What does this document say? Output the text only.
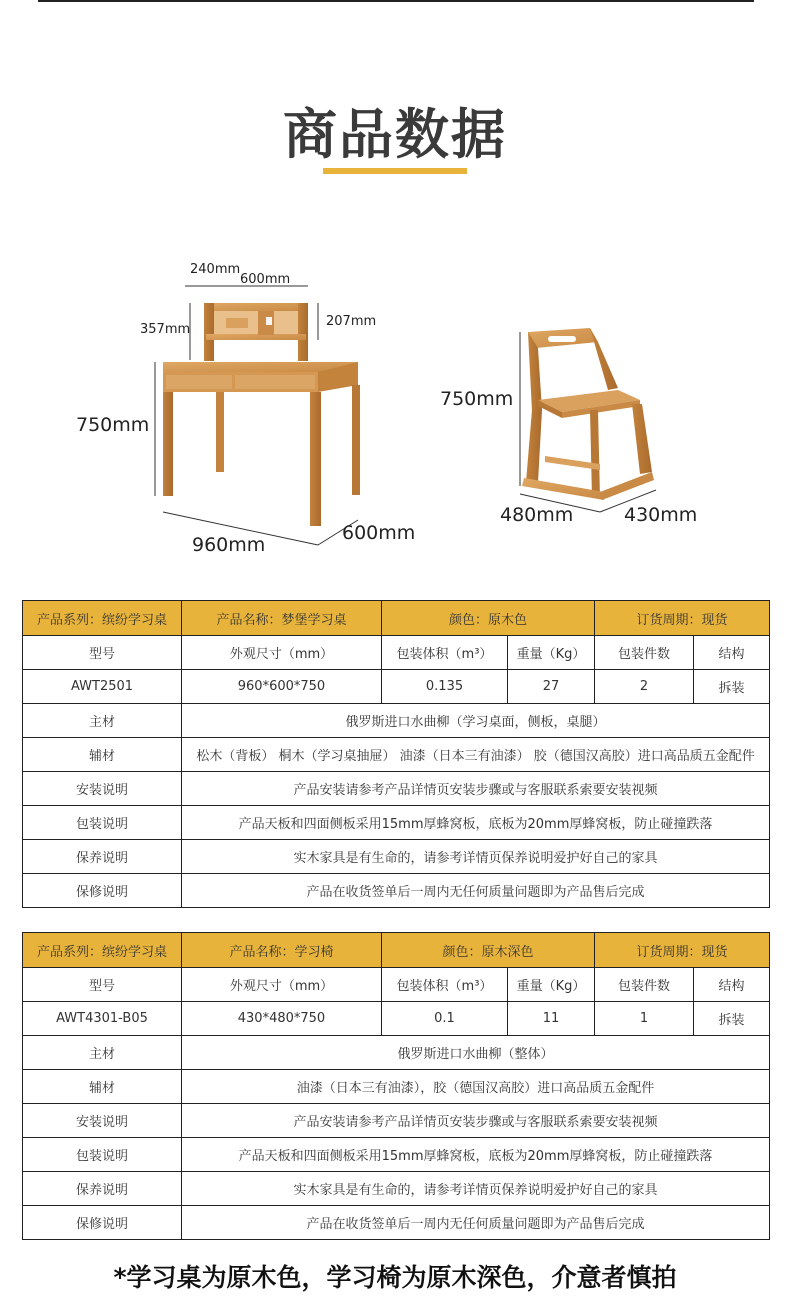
商品数据
240mm
600mm
357mm
207mm
750mm
960mm
600mm
750mm
480mm	430mm
产品系列：缤纷学习桌	产品名称：梦堡学习桌	颜色：原木色		订货周期：现货	
型号	外观尺寸（mm）	包装体积（m³）	重量（Kg）	包装件数	结构
AWT2501	960*600*750	0.135	27	2	拆装
主材	俄罗斯进口水曲柳（学习桌面，侧板，桌腿）				
辅材	松木（背板） 桐木（学习桌抽屉） 油漆（日本三有油漆） 胶（德国汉高胶）进口高品质五金配件				
安装说明	产品安装请参考产品详情页安装步骤或与客服联系索要安装视频				
包装说明	产品天板和四面侧板采用15mm厚蜂窝板，底板为20mm厚蜂窝板，防止碰撞跌落				
保养说明	实木家具是有生命的，请参考详情页保养说明爱护好自己的家具				
保修说明	产品在收货签单后一周内无任何质量问题即为产品售后完成				
产品系列：缤纷学习桌	产品名称：学习椅	颜色：原木深色		订货周期：现货	
型号	外观尺寸（mm）	包装体积（m³）	重量（Kg）	包装件数	结构
AWT4301-B05	430*480*750	0.1	11	1	拆装
主材	俄罗斯进口水曲柳（整体）				
辅材	油漆（日本三有油漆），胶（德国汉高胶）进口高品质五金配件				
安装说明	产品安装请参考产品详情页安装步骤或与客服联系索要安装视频				
包装说明	产品天板和四面侧板采用15mm厚蜂窝板，底板为20mm厚蜂窝板，防止碰撞跌落				
保养说明	实木家具是有生命的，请参考详情页保养说明爱护好自己的家具				
保修说明	产品在收货签单后一周内无任何质量问题即为产品售后完成				
*学习桌为原木色，学习椅为原木深色，介意者慎拍
